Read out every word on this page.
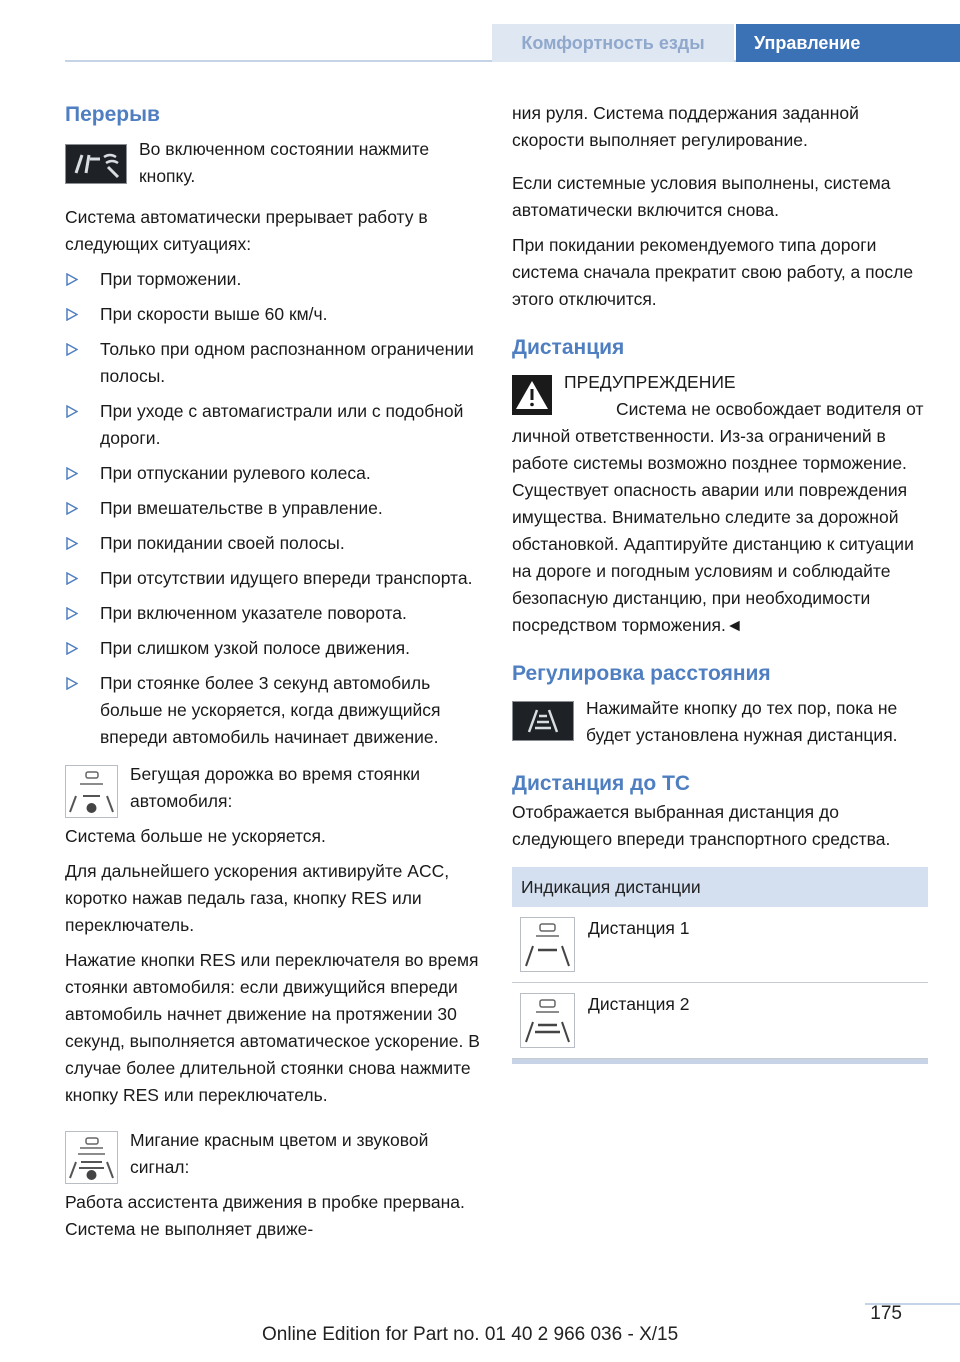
Комфортность езды	Управление
Перерыв

Во включенном состоянии нажмите кнопку.

Система автоматически прерывает работу в следующих ситуациях:

При торможении.
При скорости выше 60 км/ч.
Только при одном распознанном ограничении полосы.
При уходе с автомагистрали или с подобной дороги.
При отпускании рулевого колеса.
При вмешательстве в управление.
При покидании своей полосы.
При отсутствии идущего впереди транспорта.
При включенном указателе поворота.
При слишком узкой полосе движения.
При стоянке более 3 секунд автомобиль больше не ускоряется, когда движущийся впереди автомобиль начинает движение.

Бегущая дорожка во время стоянки автомобиля:

Система больше не ускоряется.

Для дальнейшего ускорения активируйте ACC, коротко нажав педаль газа, кнопку RES или переключатель.

Нажатие кнопки RES или переключателя во время стоянки автомобиля: если движущийся впереди автомобиль начнет движение на протяжении 30 секунд, выполняется автоматическое ускорение. В случае более длительной стоянки снова нажмите кнопку RES или переключатель.

Мигание красным цветом и звуковой сигнал:

Работа ассистента движения в пробке прервана. Система не выполняет движе-

ния руля. Система поддержания заданной скорости выполняет регулирование.

Если системные условия выполнены, система автоматически включится снова.

При покидании рекомендуемого типа дороги система сначала прекратит свою работу, а после этого отключится.

Дистанция
ПРЕДУПРЕЖДЕНИЕ
Система не освобождает водителя от личной ответственности. Из-за ограничений в работе системы возможно позднее торможение. Существует опасность аварии или повреждения имущества. Внимательно следите за дорожной обстановкой. Адаптируйте дистанцию к ситуации на дороге и погодным условиям и соблюдайте безопасную дистанцию, при необходимости посредством торможения.◄
Регулировка расстояния

Нажимайте кнопку до тех пор, пока не будет установлена нужная дистанция.

Дистанция до ТС

Отображается выбранная дистанция до следующего впереди транспортного средства.

Индикация дистанции
Дистанция 1
Дистанция 2
175
Online Edition for Part no. 01 40 2 966 036 - X/15
